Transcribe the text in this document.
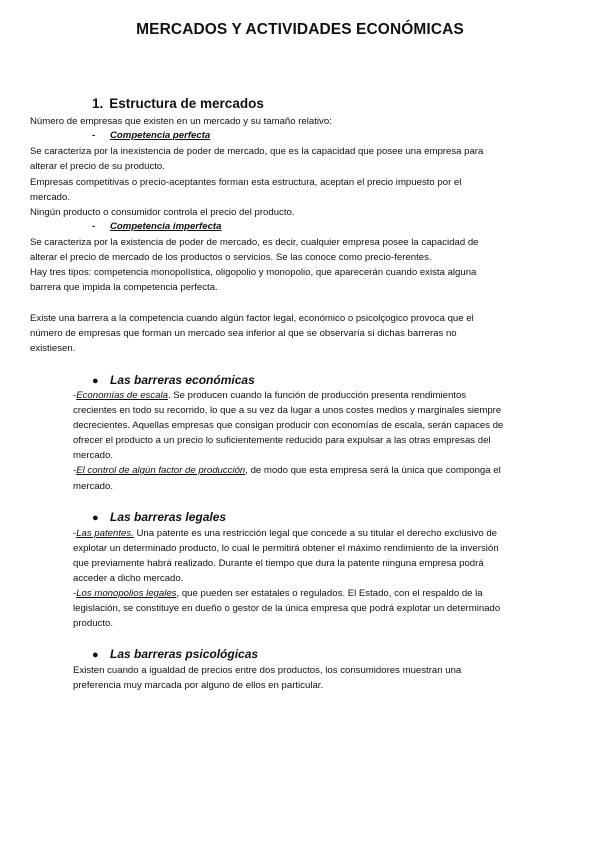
MERCADOS Y ACTIVIDADES ECONÓMICAS
1. Estructura de mercados

Número de empresas que existen en un mercado y su tamaño relativo:

- Competencia perfecta

Se caracteriza por la inexistencia de poder de mercado, que es la capacidad que posee una empresa para

alterar el precio de su producto.

Empresas competitivas o precio-aceptantes forman esta estructura, aceptan el precio impuesto por el

mercado.

Ningún producto o consumidor controla el precio del producto.

- Competencia imperfecta

Se caracteriza por la existencia de poder de mercado, es decir, cualquier empresa posee la capacidad de

alterar el precio de mercado de los productos o servicios. Se las conoce como precio-ferentes.

Hay tres tipos: competencia monopolística, oligopolio y monopolio, que aparecerán cuando exista alguna

barrera que impida la competencia perfecta.

Existe una barrera a la competencia cuando algún factor legal, económico o psicolçogico provoca que el

número de empresas que forman un mercado sea inferior al que se observaría si dichas barreras no

existiesen.

● Las barreras económicas

-Economías de escala. Se producen cuando la función de producción presenta rendimientos

crecientes en todo su recorrido, lo que a su vez da lugar a unos costes medios y marginales siempre

decrecientes. Aquellas empresas que consigan producir con economías de escala, serán capaces de

ofrecer el producto a un precio lo suficientemente reducido para expulsar a las otras empresas del

mercado.

-El control de algún factor de producción, de modo que esta empresa será la única que componga el

mercado.

● Las barreras legales

-Las patentes. Una patente es una restricción legal que concede a su titular el derecho exclusivo de

explotar un determinado producto, lo cual le permitirá obtener el máximo rendimiento de la inversión

que previamente habrá realizado. Durante el tiempo que dura la patente ninguna empresa podrá

acceder a dicho mercado.

-Los monopolios legales, que pueden ser estatales o regulados. El Estado, con el respaldo de la

legislación, se constituye en dueño o gestor de la única empresa que podrá explotar un determinado

producto.

● Las barreras psicológicas

Existen cuando a igualdad de precios entre dos productos, los consumidores muestran una

preferencia muy marcada por alguno de ellos en particular.
